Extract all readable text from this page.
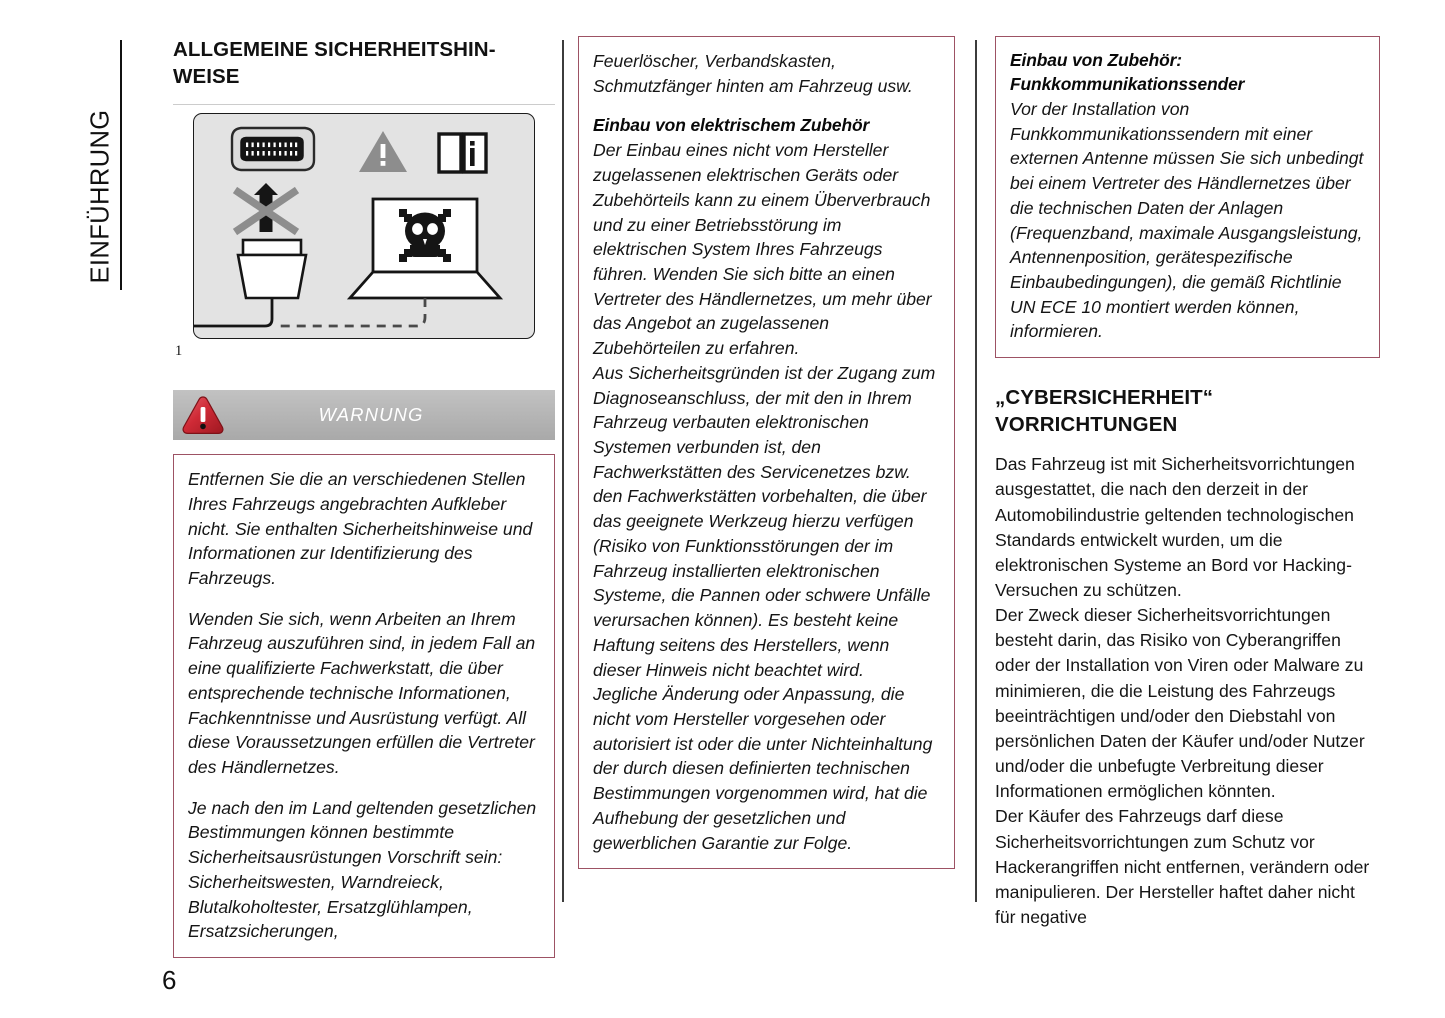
EINFÜHRUNG
ALLGEMEINE SICHERHEITSHIN-WEISE
1
WARNUNG

Entfernen Sie die an verschiedenen Stellen Ihres Fahrzeugs angebrachten Aufkleber nicht. Sie enthalten Sicherheitshinweise und Informationen zur Identifizierung des Fahrzeugs.

Wenden Sie sich, wenn Arbeiten an Ihrem Fahrzeug auszuführen sind, in jedem Fall an eine qualifizierte Fachwerkstatt, die über entsprechende technische Informationen, Fachkenntnisse und Ausrüstung verfügt. All diese Voraussetzungen erfüllen die Vertreter des Händlernetzes.

Je nach den im Land geltenden gesetzlichen Bestimmungen können bestimmte Sicherheitsausrüstungen Vorschrift sein: Sicherheitswesten, Warndreieck, Blutalkoholtester, Ersatzglühlampen, Ersatzsicherungen,

Feuerlöscher, Verbandskasten, Schmutzfänger hinten am Fahrzeug usw.

Einbau von elektrischem Zubehör

Der Einbau eines nicht vom Hersteller zugelassenen elektrischen Geräts oder Zubehörteils kann zu einem Überverbrauch und zu einer Betriebsstörung im elektrischen System Ihres Fahrzeugs führen. Wenden Sie sich bitte an einen Vertreter des Händlernetzes, um mehr über das Angebot an zugelassenen Zubehörteilen zu erfahren.

Aus Sicherheitsgründen ist der Zugang zum Diagnoseanschluss, der mit den in Ihrem Fahrzeug verbauten elektronischen Systemen verbunden ist, den Fachwerkstätten des Servicenetzes bzw. den Fachwerkstätten vorbehalten, die über das geeignete Werkzeug hierzu verfügen (Risiko von Funktionsstörungen der im Fahrzeug installierten elektronischen Systeme, die Pannen oder schwere Unfälle verursachen können). Es besteht keine Haftung seitens des Herstellers, wenn dieser Hinweis nicht beachtet wird.

Jegliche Änderung oder Anpassung, die nicht vom Hersteller vorgesehen oder autorisiert ist oder die unter Nichteinhaltung der durch diesen definierten technischen Bestimmungen vorgenommen wird, hat die Aufhebung der gesetzlichen und gewerblichen Garantie zur Folge.

Einbau von Zubehör:
Funkkommunikationssender

Vor der Installation von Funkkommunikationssendern mit einer externen Antenne müssen Sie sich unbedingt bei einem Vertreter des Händlernetzes über die technischen Daten der Anlagen (Frequenzband, maximale Ausgangsleistung, Antennenposition, gerätespezifische Einbaubedingungen), die gemäß Richtlinie UN ECE 10 montiert werden können, informieren.

„CYBERSICHERHEIT“
VORRICHTUNGEN

Das Fahrzeug ist mit Sicherheitsvorrichtungen ausgestattet, die nach den derzeit in der Automobilindustrie geltenden technologischen Standards entwickelt wurden, um die elektronischen Systeme an Bord vor Hacking-Versuchen zu schützen.

Der Zweck dieser Sicherheitsvorrichtungen besteht darin, das Risiko von Cyberangriffen oder der Installation von Viren oder Malware zu minimieren, die die Leistung des Fahrzeugs beeinträchtigen und/oder den Diebstahl von persönlichen Daten der Käufer und/oder Nutzer und/oder die unbefugte Verbreitung dieser Informationen ermöglichen könnten.

Der Käufer des Fahrzeugs darf diese Sicherheitsvorrichtungen zum Schutz vor Hackerangriffen nicht entfernen, verändern oder manipulieren. Der Hersteller haftet daher nicht für negative

6
